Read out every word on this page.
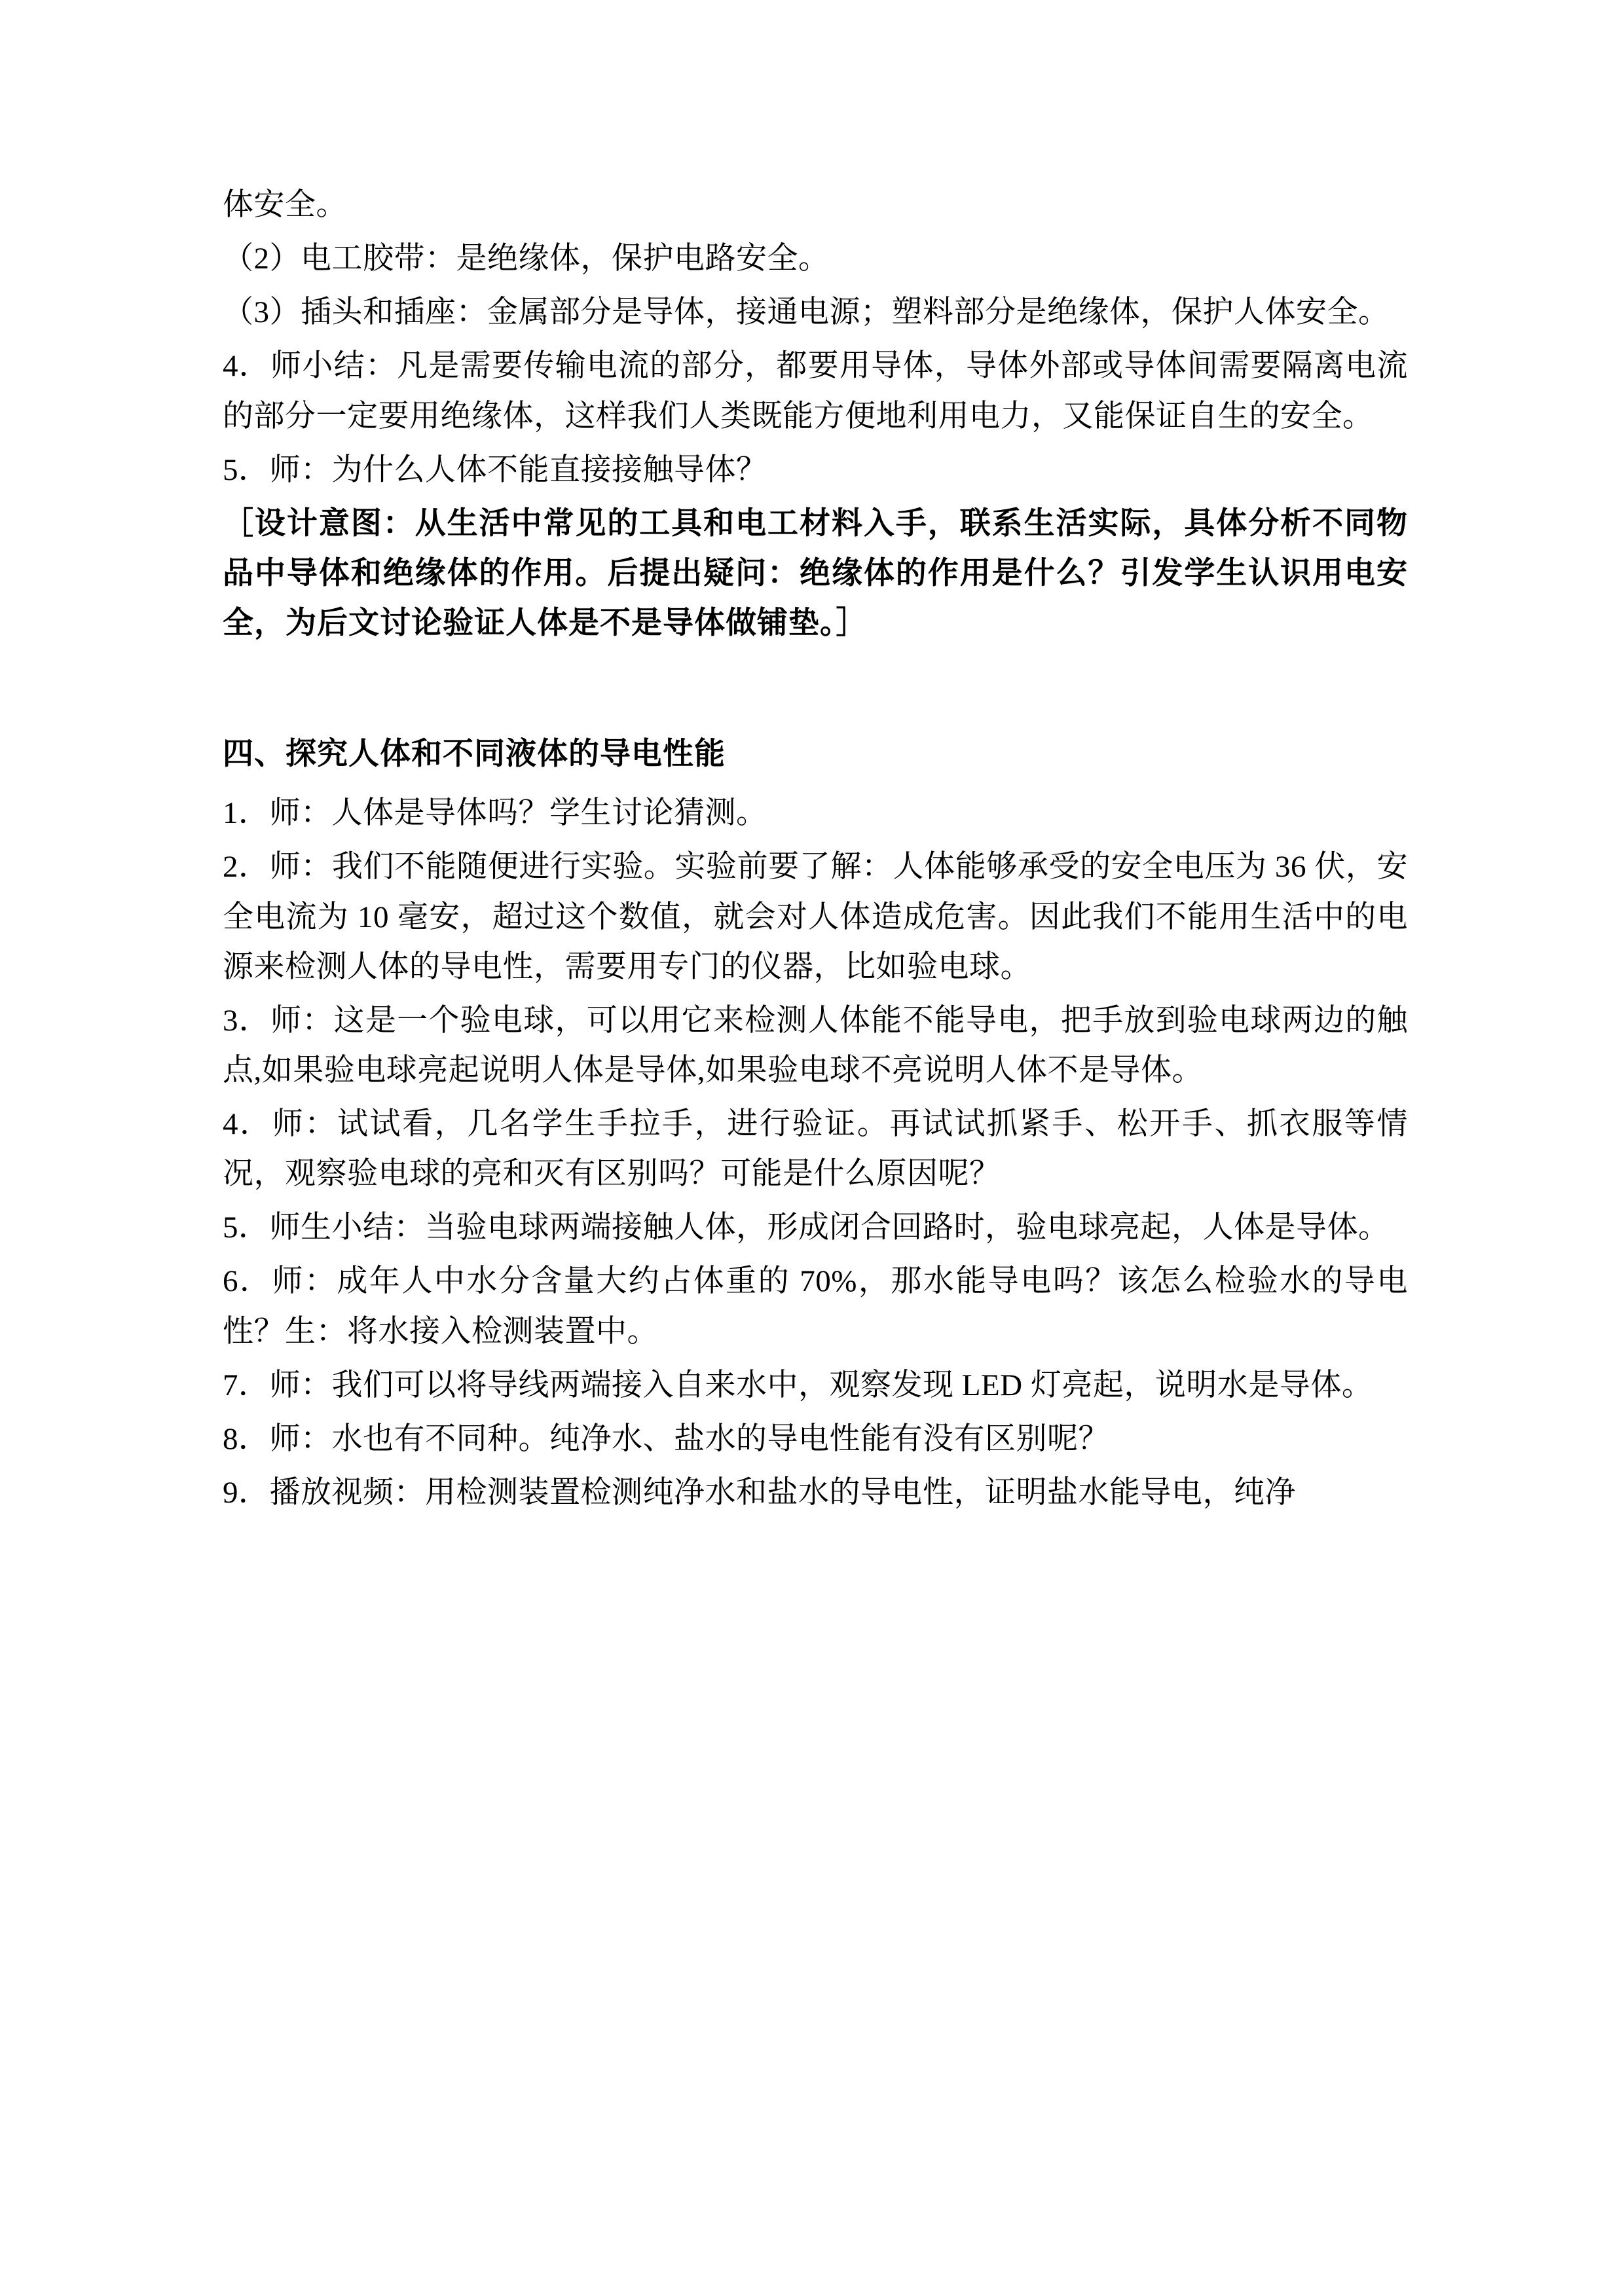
体安全。

（2）电工胶带：是绝缘体，保护电路安全。

（3）插头和插座：金属部分是导体，接通电源；塑料部分是绝缘体，保护人体安全。

4．师小结：凡是需要传输电流的部分，都要用导体，导体外部或导体间需要隔离电流的部分一定要用绝缘体，这样我们人类既能方便地利用电力，又能保证自生的安全。

5．师：为什么人体不能直接接触导体？

［设计意图：从生活中常见的工具和电工材料入手，联系生活实际，具体分析不同物品中导体和绝缘体的作用。后提出疑问：绝缘体的作用是什么？引发学生认识用电安全，为后文讨论验证人体是不是导体做铺垫。］

四、探究人体和不同液体的导电性能

1．师：人体是导体吗？学生讨论猜测。

2．师：我们不能随便进行实验。实验前要了解：人体能够承受的安全电压为 36 伏，安全电流为 10 毫安，超过这个数值，就会对人体造成危害。因此我们不能用生活中的电源来检测人体的导电性，需要用专门的仪器，比如验电球。

3．师：这是一个验电球，可以用它来检测人体能不能导电，把手放到验电球两边的触点,如果验电球亮起说明人体是导体,如果验电球不亮说明人体不是导体。

4．师：试试看，几名学生手拉手，进行验证。再试试抓紧手、松开手、抓衣服等情况，观察验电球的亮和灭有区别吗？可能是什么原因呢？

5．师生小结：当验电球两端接触人体，形成闭合回路时，验电球亮起，人体是导体。

6．师：成年人中水分含量大约占体重的 70%，那水能导电吗？该怎么检验水的导电性？生：将水接入检测装置中。

7．师：我们可以将导线两端接入自来水中，观察发现 LED 灯亮起，说明水是导体。

8．师：水也有不同种。纯净水、盐水的导电性能有没有区别呢？

9．播放视频：用检测装置检测纯净水和盐水的导电性，证明盐水能导电，纯净
